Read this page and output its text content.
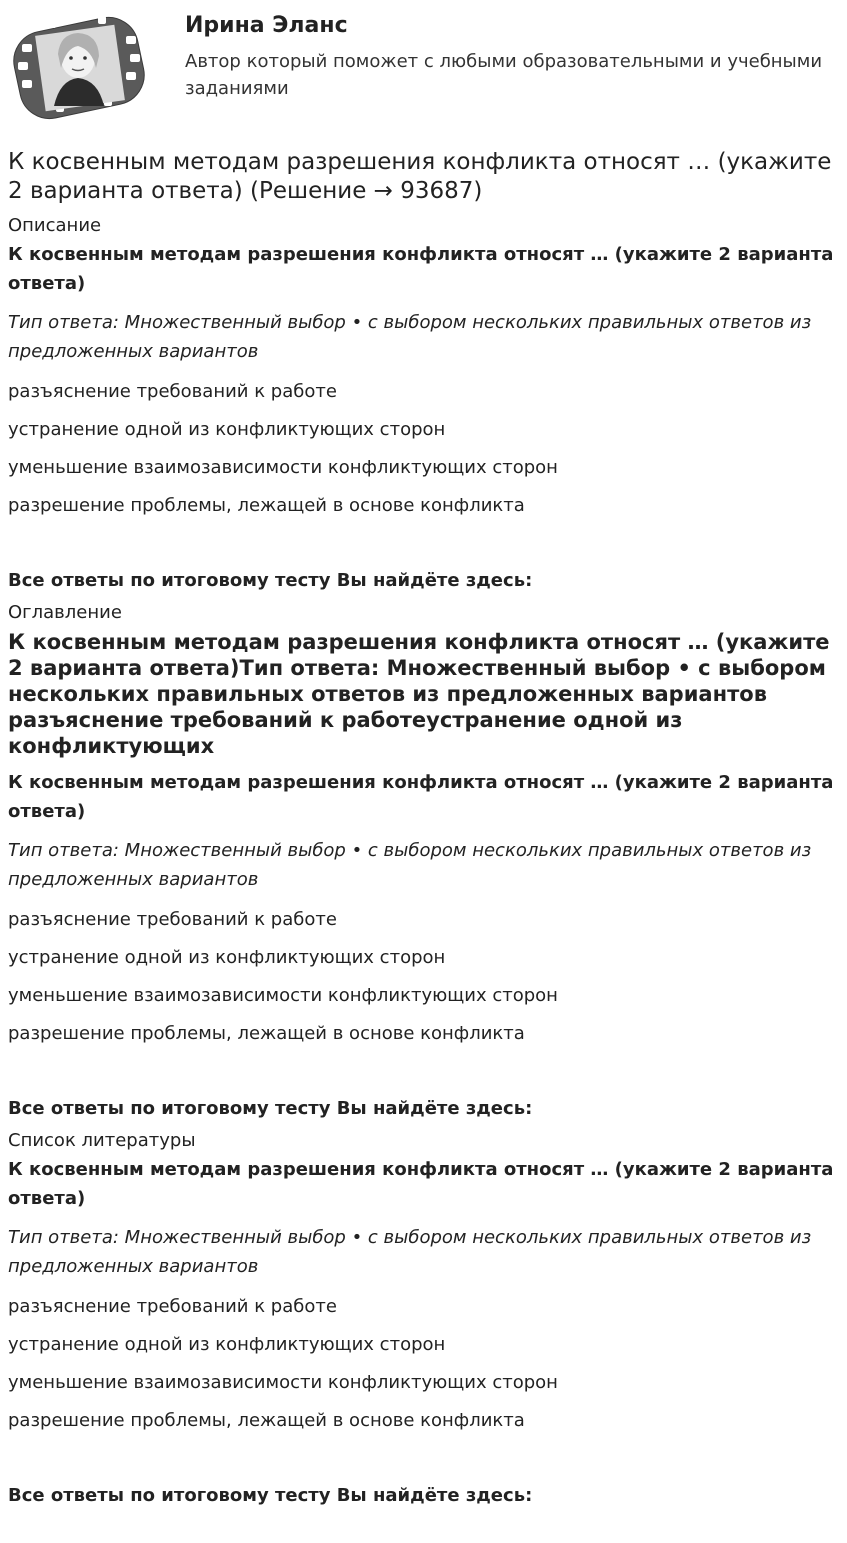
Ирина Эланс

Автор который поможет с любыми образовательными и учебными заданиями

К косвенным методам разрешения конфликта относят … (укажите 2 варианта ответа) (Решение → 93687)

Описание

К косвенным методам разрешения конфликта относят … (укажите 2 варианта ответа)

Тип ответа: Множественный выбор • с выбором нескольких правильных ответов из предложенных вариантов

разъяснение требований к работе

устранение одной из конфликтующих сторон

уменьшение взаимозависимости конфликтующих сторон

разрешение проблемы, лежащей в основе конфликта

Все ответы по итоговому тесту Вы найдёте здесь:

Оглавление

К косвенным методам разрешения конфликта относят … (укажите 2 варианта ответа)Тип ответа: Множественный выбор • с выбором нескольких правильных ответов из предложенных вариантов разъяснение требований к работеустранение одной из конфликтующих

К косвенным методам разрешения конфликта относят … (укажите 2 варианта ответа)

Тип ответа: Множественный выбор • с выбором нескольких правильных ответов из предложенных вариантов

разъяснение требований к работе

устранение одной из конфликтующих сторон

уменьшение взаимозависимости конфликтующих сторон

разрешение проблемы, лежащей в основе конфликта

Все ответы по итоговому тесту Вы найдёте здесь:

Список литературы

К косвенным методам разрешения конфликта относят … (укажите 2 варианта ответа)

Тип ответа: Множественный выбор • с выбором нескольких правильных ответов из предложенных вариантов

разъяснение требований к работе

устранение одной из конфликтующих сторон

уменьшение взаимозависимости конфликтующих сторон

разрешение проблемы, лежащей в основе конфликта

Все ответы по итоговому тесту Вы найдёте здесь:
